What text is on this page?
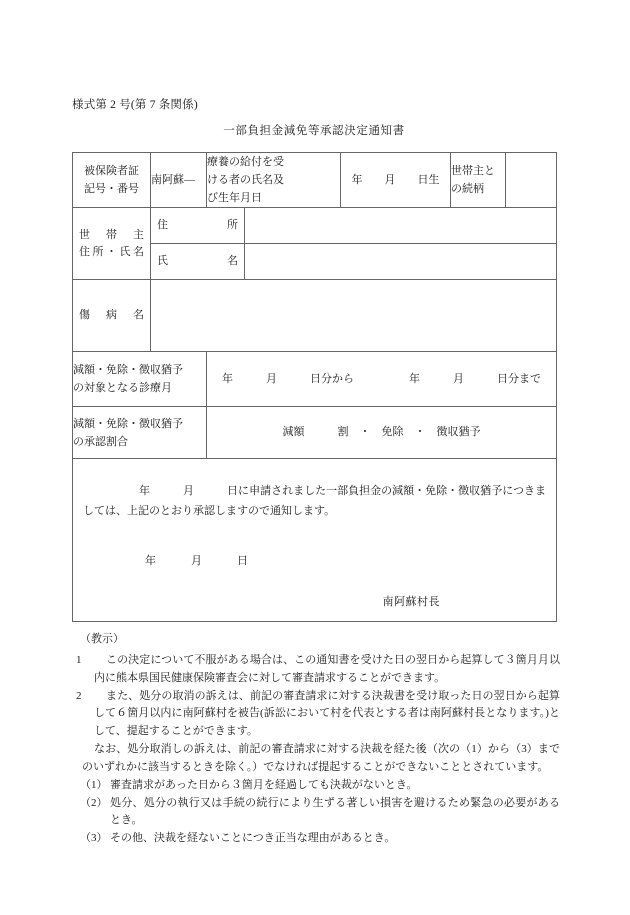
様式第 2 号(第 7 条関係)
一部負担金減免等承認決定通知書
被保険者証
記号・番号	南阿蘇—	療養の給付を受
ける者の氏名及
び生年月日		年　　月　　日生	世帯主と
の続柄	

世帯主
住所・氏名	住所					

	氏名					

傷病名						

減額・免除・徴収猶予
の対象となる診療月		年　　　月　　　日分から　　　　　年　　　月　　　日分まで				

減額・免除・徴収猶予
の承認割合		減額　　　割　・　免除　・　徴収猶予				

年　　　月　　　日に申請されました一部負担金の減額・免除・徴収猶予につきましては、上記のとおり承認しますので通知します。
年　　　月　　　日
南阿蘇村長						
（教示）
1	この決定について不服がある場合は、この通知書を受けた日の翌日から起算して３箇月月以内に熊本県国民健康保険審査会に対して審査請求することができます。
2	また、処分の取消の訴えは、前記の審査請求に対する決裁書を受け取った日の翌日から起算して６箇月以内に南阿蘇村を被告(訴訟において村を代表とする者は南阿蘇村長となります。)として、提起することができます。
なお、処分取消しの訴えは、前記の審査請求に対する決裁を経た後（次の（1）から（3）までのいずれかに該当するときを除く。）でなければ提起することができないこととされています。
（1） 審査請求があった日から３箇月を経過しても決裁がないとき。
（2） 処分、処分の執行又は手続の続行により生ずる著しい損害を避けるため緊急の必要があるとき。
（3） その他、決裁を経ないことにつき正当な理由があるとき。
